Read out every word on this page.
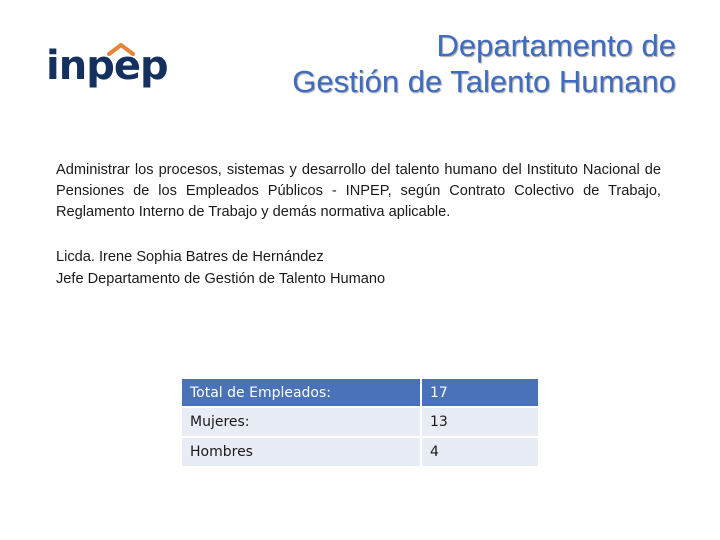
inpep	Departamento de
Gestión de Talento Humano
Administrar los procesos, sistemas y desarrollo del talento humano del Instituto Nacional de Pensiones de los Empleados Públicos - INPEP, según Contrato Colectivo de Trabajo, Reglamento Interno de Trabajo y demás normativa aplicable.
Licda. Irene Sophia Batres de Hernández
Jefe Departamento de Gestión de Talento Humano
Total de Empleados:	17
Mujeres:	13
Hombres	4
